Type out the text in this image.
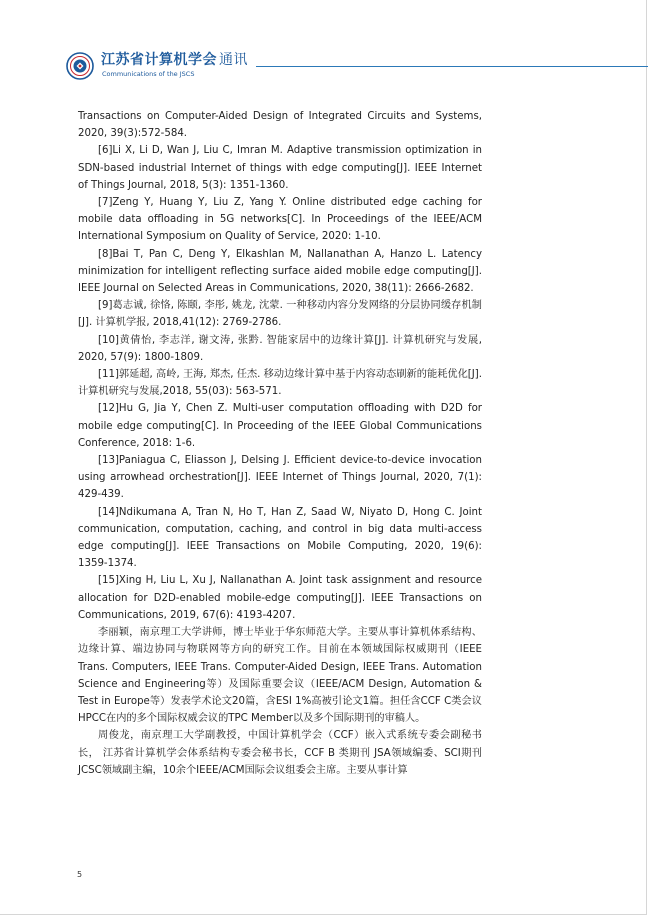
江苏省计算机学会 通讯
Communications of the JSCS

Transactions on Computer-Aided Design of Integrated Circuits and Systems, 2020, 39(3):572-584.

[6]Li X, Li D, Wan J, Liu C, Imran M. Adaptive transmission optimization in SDN-based industrial Internet of things with edge computing[J]. IEEE Internet of Things Journal, 2018, 5(3): 1351-1360.

[7]Zeng Y, Huang Y, Liu Z, Yang Y. Online distributed edge caching for mobile data offloading in 5G networks[C]. In Proceedings of the IEEE/ACM International Symposium on Quality of Service, 2020: 1-10.

[8]Bai T, Pan C, Deng Y, Elkashlan M, Nallanathan A, Hanzo L. Latency minimization for intelligent reflecting surface aided mobile edge computing[J]. IEEE Journal on Selected Areas in Communications, 2020, 38(11): 2666-2682.

[9]葛志诚, 徐恪, 陈颐, 李彤, 姚龙, 沈蒙. 一种移动内容分发网络的分层协同缓存机制[J]. 计算机学报, 2018,41(12): 2769-2786.

[10]黄倩怡, 李志洋, 谢文涛, 张黔. 智能家居中的边缘计算[J]. 计算机研究与发展, 2020, 57(9): 1800-1809.

[11]郭延超, 高岭, 王海, 郑杰, 任杰. 移动边缘计算中基于内容动态刷新的能耗优化[J]. 计算机研究与发展,2018, 55(03): 563-571.

[12]Hu G, Jia Y, Chen Z. Multi-user computation offloading with D2D for mobile edge computing[C]. In Proceeding of the IEEE Global Communications Conference, 2018: 1-6.

[13]Paniagua C, Eliasson J, Delsing J. Efficient device-to-device invocation using arrowhead orchestration[J]. IEEE Internet of Things Journal, 2020, 7(1): 429-439.

[14]Ndikumana A, Tran N, Ho T, Han Z, Saad W, Niyato D, Hong C. Joint communication, computation, caching, and control in big data multi-access edge computing[J]. IEEE Transactions on Mobile Computing, 2020, 19(6): 1359-1374.

[15]Xing H, Liu L, Xu J, Nallanathan A. Joint task assignment and resource allocation for D2D-enabled mobile-edge computing[J]. IEEE Transactions on Communications, 2019, 67(6): 4193-4207.

李丽颖，南京理工大学讲师，博士毕业于华东师范大学。主要从事计算机体系结构、边缘计算、端边协同与物联网等方向的研究工作。目前在本领域国际权威期刊（IEEE Trans. Computers, IEEE Trans. Computer-Aided Design, IEEE Trans. Automation Science and Engineering等）及国际重要会议（IEEE/ACM Design, Automation & Test in Europe等）发表学术论文20篇，含ESI 1%高被引论文1篇。担任含CCF C类会议HPCC在内的多个国际权威会议的TPC Member以及多个国际期刊的审稿人。

周俊龙，南京理工大学副教授，中国计算机学会（CCF）嵌入式系统专委会副秘书长， 江苏省计算机学会体系结构专委会秘书长，CCF B 类期刊 JSA领域编委、SCI期刊JCSC领域副主编，10余个IEEE/ACM国际会议组委会主席。主要从事计算

5
